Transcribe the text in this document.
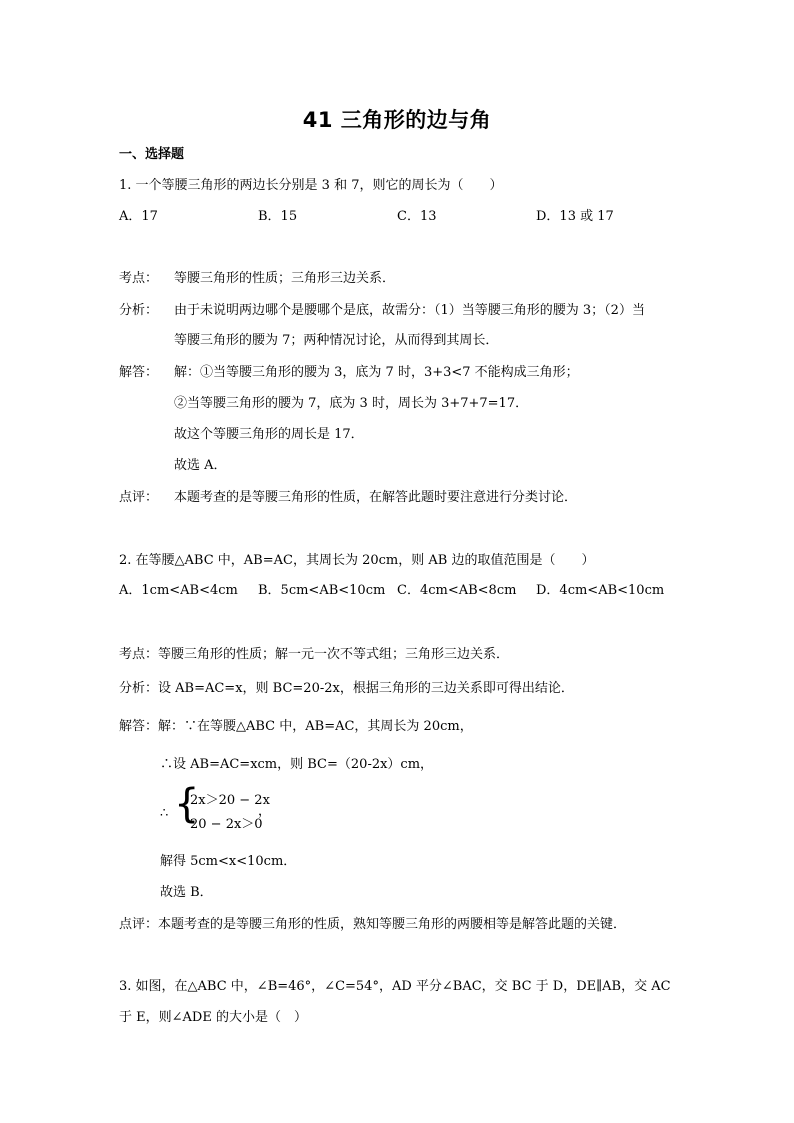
41 三角形的边与角
一、选择题
1. 一个等腰三角形的两边长分别是 3 和 7，则它的周长为（　　）
A．17	B．15	C．13	D．13 或 17
考点： 等腰三角形的性质；三角形三边关系．
分析： 由于未说明两边哪个是腰哪个是底，故需分：（1）当等腰三角形的腰为 3；（2）当
等腰三角形的腰为 7；两种情况讨论，从而得到其周长．
解答： 解：①当等腰三角形的腰为 3，底为 7 时，3+3<7 不能构成三角形；
②当等腰三角形的腰为 7，底为 3 时，周长为 3+7+7=17．
故这个等腰三角形的周长是 17．
故选 A．
点评： 本题考查的是等腰三角形的性质，在解答此题时要注意进行分类讨论．
2. 在等腰△ABC 中，AB=AC，其周长为 20cm，则 AB 边的取值范围是（　　）
A．1cm<AB<4cm B．5cm<AB<10cm C．4cm<AB<8cm D．4cm<AB<10cm
考点：等腰三角形的性质；解一元一次不等式组；三角形三边关系．
分析：设 AB=AC=x，则 BC=20-2x，根据三角形的三边关系即可得出结论．
解答：解：∵在等腰△ABC 中，AB=AC，其周长为 20cm，
∴设 AB=AC=xcm，则 BC=（20-2x）cm，
∴ {
2x＞20 − 2x
20 − 2x＞0
，
解得 5cm<x<10cm．
故选 B．
点评：本题考查的是等腰三角形的性质，熟知等腰三角形的两腰相等是解答此题的关键．
3. 如图，在△ABC 中，∠B=46°，∠C=54°，AD 平分∠BAC，交 BC 于 D，DE∥AB，交 AC
于 E，则∠ADE 的大小是（　）
